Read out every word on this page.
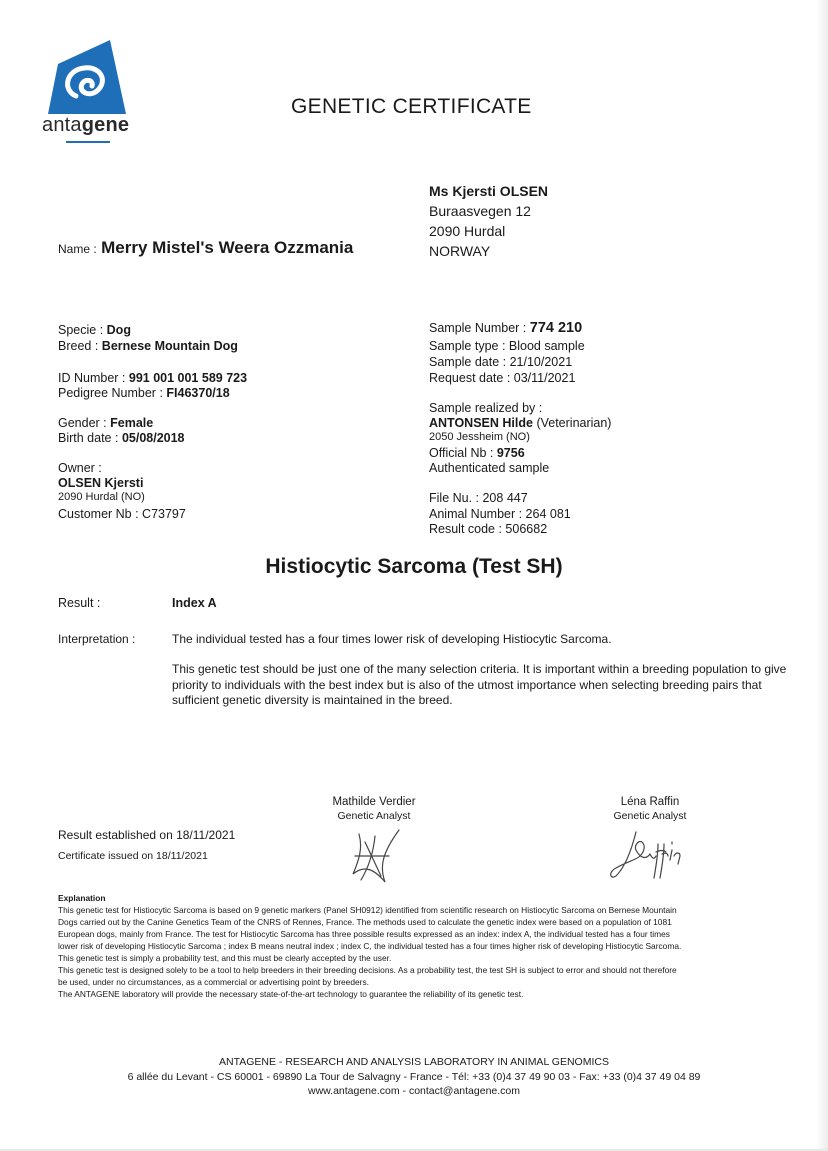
antagene
GENETIC CERTIFICATE
Ms Kjersti OLSEN
Buraasvegen 12
2090 Hurdal
NORWAY
Name : Merry Mistel's Weera Ozzmania
Specie : Dog
Breed : Bernese Mountain Dog
ID Number : 991 001 001 589 723
Pedigree Number : FI46370/18
Gender : Female
Birth date : 05/08/2018
Owner :
OLSEN Kjersti
2090 Hurdal (NO)
Customer Nb : C73797
Sample Number : 774 210
Sample type : Blood sample
Sample date : 21/10/2021
Request date : 03/11/2021
Sample realized by :
ANTONSEN Hilde (Veterinarian)
2050 Jessheim (NO)
Official Nb : 9756
Authenticated sample
File Nu. : 208 447
Animal Number : 264 081
Result code : 506682
Histiocytic Sarcoma (Test SH)
Result :	Index A
Interpretation :	The individual tested has a four times lower risk of developing Histiocytic Sarcoma.
This genetic test should be just one of the many selection criteria. It is important within a breeding population to give priority to individuals with the best index but is also of the utmost importance when selecting breeding pairs that sufficient genetic diversity is maintained in the breed.
Mathilde Verdier
Genetic Analyst
Léna Raffin
Genetic Analyst
Result established on 18/11/2021
Certificate issued on 18/11/2021
Explanation
This genetic test for Histiocytic Sarcoma is based on 9 genetic markers (Panel SH0912) identified from scientific research on Histiocytic Sarcoma on Bernese Mountain
Dogs carried out by the Canine Genetics Team of the CNRS of Rennes, France. The methods used to calculate the genetic index were based on a population of 1081
European dogs, mainly from France. The test for Histiocytic Sarcoma has three possible results expressed as an index: index A, the individual tested has a four times
lower risk of developing Histiocytic Sarcoma ; index B means neutral index ; index C, the individual tested has a four times higher risk of developing Histiocytic Sarcoma.
This genetic test is simply a probability test, and this must be clearly accepted by the user.
This genetic test is designed solely to be a tool to help breeders in their breeding decisions. As a probability test, the test SH is subject to error and should not therefore
be used, under no circumstances, as a commercial or advertising point by breeders.
The ANTAGENE laboratory will provide the necessary state-of-the-art technology to guarantee the reliability of its genetic test.
ANTAGENE - RESEARCH AND ANALYSIS LABORATORY IN ANIMAL GENOMICS
6 allée du Levant - CS 60001 - 69890 La Tour de Salvagny - France - Tél: +33 (0)4 37 49 90 03 - Fax: +33 (0)4 37 49 04 89
www.antagene.com - contact@antagene.com
